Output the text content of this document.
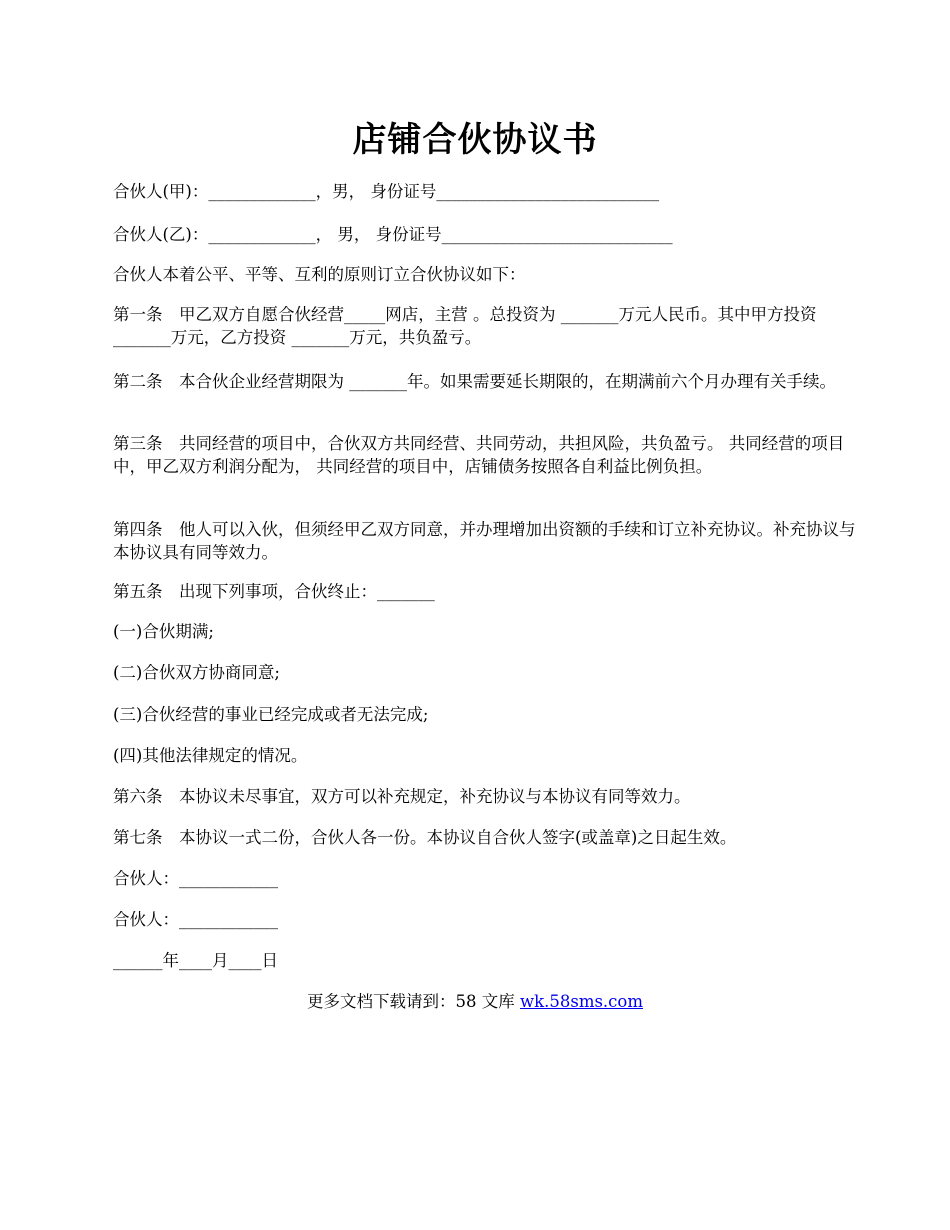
店铺合伙协议书
合伙人(甲)：_____________，男， 身份证号___________________________
合伙人(乙)：_____________， 男， 身份证号____________________________
合伙人本着公平、平等、互利的原则订立合伙协议如下：
第一条　甲乙双方自愿合伙经营_____网店，主营 。总投资为 _______万元人民币。其中甲方投资 _______万元，乙方投资 _______万元，共负盈亏。
第二条　本合伙企业经营期限为 _______年。如果需要延长期限的，在期满前六个月办理有关手续。
第三条　共同经营的项目中，合伙双方共同经营、共同劳动，共担风险，共负盈亏。 共同经营的项目中，甲乙双方利润分配为， 共同经营的项目中，店铺债务按照各自利益比例负担。
第四条　他人可以入伙，但须经甲乙双方同意，并办理增加出资额的手续和订立补充协议。补充协议与本协议具有同等效力。
第五条　出现下列事项，合伙终止：_______
(一)合伙期满;
(二)合伙双方协商同意;
(三)合伙经营的事业已经完成或者无法完成;
(四)其他法律规定的情况。
第六条　本协议未尽事宜，双方可以补充规定，补充协议与本协议有同等效力。
第七条　本协议一式二份，合伙人各一份。本协议自合伙人签字(或盖章)之日起生效。
合伙人：____________
合伙人：____________
______年____月____日
更多文档下载请到：58 文库 wk.58sms.com
